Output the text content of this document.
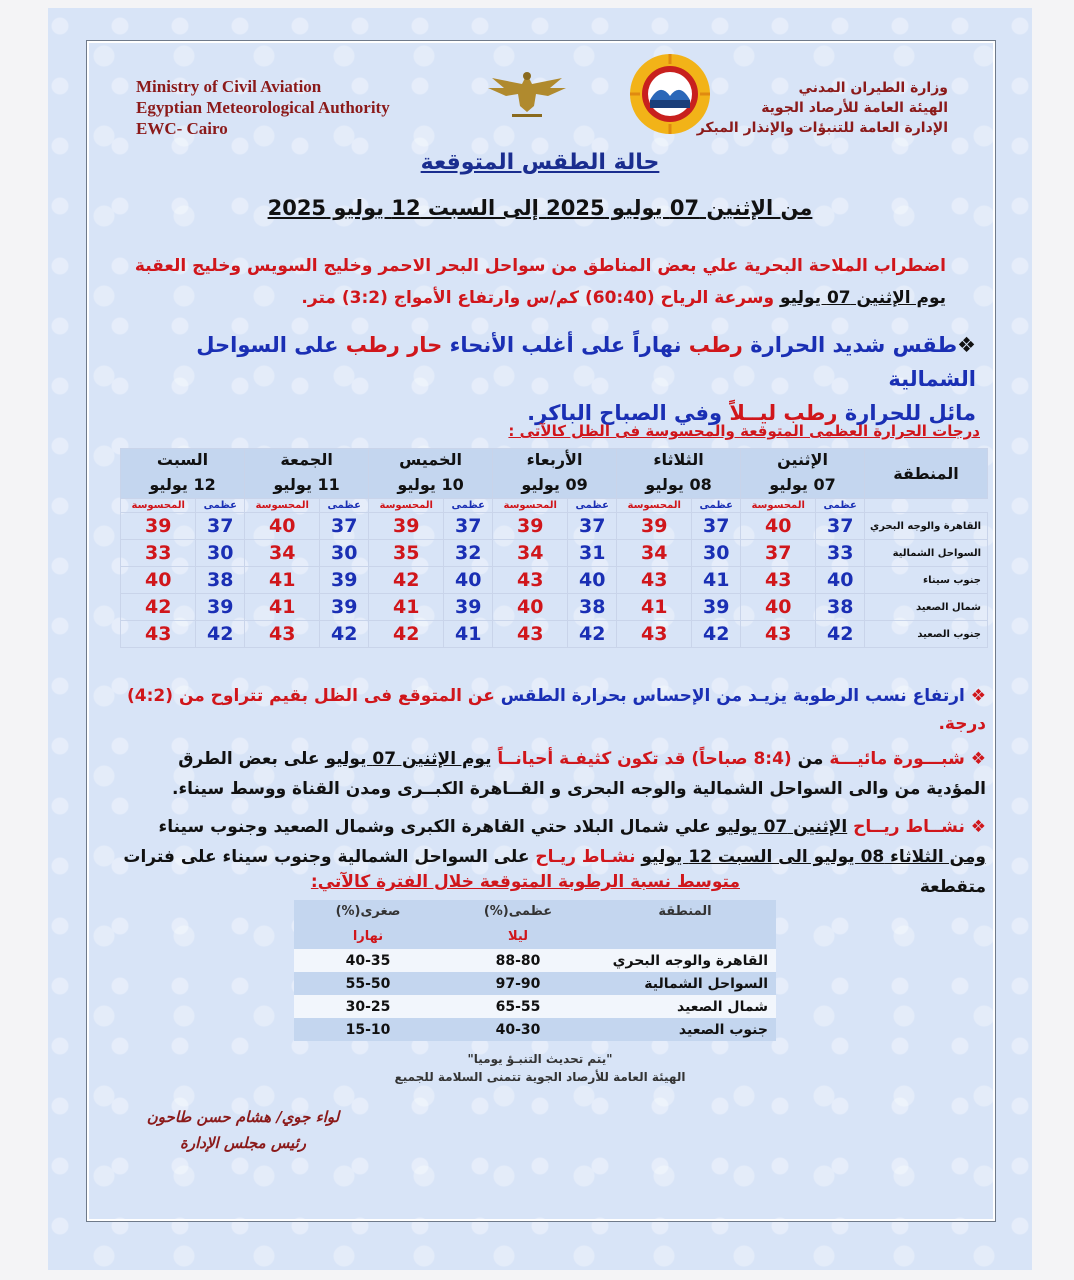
Ministry of Civil Aviation
Egyptian Meteorological Authority
EWC- Cairo
وزارة الطيران المدني
الهيئة العامة للأرصاد الجوية
الإدارة العامة للتنبؤات والإنذار المبكر
حالة الطقس المتوقعة
من الإثنين 07 يوليو 2025 إلى السبت 12 يوليو 2025
اضطراب الملاحة البحرية علي بعض المناطق من سواحل البحر الاحمر وخليج السويس وخليج العقبة
يوم الإثنين 07 يوليو وسرعة الرياح (60:40) كم/س وارتفاع الأمواج (3:2) متر.
❖طقس شديد الحرارة رطب نهاراً على أغلب الأنحاء حار رطب على السواحل الشمالية
مائل للحرارة رطب ليــلاً وفي الصباح الباكر.
درجات الحرارة العظمى المتوقعة والمحسوسة فى الظل كالآتى :
المنطقة	الإثنين		الثلاثاء		الأربعاء		الخميس		الجمعة		السبت	
	07 يوليو		08 يوليو		09 يوليو		10 يوليو		11 يوليو		12 يوليو	
	عظمى	المحسوسة	عظمى	المحسوسة	عظمى	المحسوسة	عظمى	المحسوسة	عظمى	المحسوسة	عظمى	المحسوسة
القاهرة والوجه البحري	37	40	37	39	37	39	37	39	37	40	37	39
السواحل الشمالية	33	37	30	34	31	34	32	35	30	34	30	33
جنوب سيناء	40	43	41	43	40	43	40	42	39	41	38	40
شمال الصعيد	38	40	39	41	38	40	39	41	39	41	39	42
جنوب الصعيد	42	43	42	43	42	43	41	42	42	43	42	43
❖ ارتفاع نسب الرطوبة يزيـد من الإحساس بحرارة الطقس عن المتوقع فى الظل بقيم تتراوح من (4:2) درجة.
❖ شبـــورة مائيـــة من (8:4 صباحاً) قد تكون كثيفـة أحيانــاً يوم الإثنين 07 يوليو على بعض الطرق
المؤدية من والى السواحل الشمالية والوجه البحرى و القــاهرة الكبــرى ومدن القناة ووسط سيناء.
❖ نشــاط ريــاح الإثنين 07 يوليو علي شمال البلاد حتي القاهرة الكبرى وشمال الصعيد وجنوب سيناء
ومن الثلاثاء 08 يوليو الى السبت 12 يوليو نشـاط ريـاح على السواحل الشمالية وجنوب سيناء على فترات متقطعة
متوسط نسبة الرطوبة المتوقعة خلال الفترة كالآتي:
المنطقة	عظمى(%)	صغرى(%)
	ليلا	نهارا
القاهرة والوجه البحري	88-80	40-35
السواحل الشمالية	97-90	55-50
شمال الصعيد	65-55	30-25
جنوب الصعيد	40-30	15-10
"يتم تحديث التنبـؤ يوميا"
الهيئة العامة للأرصاد الجوية تتمنى السلامة للجميع
لواء جوي/ هشام حسن طاحون
رئيس مجلس الإدارة
